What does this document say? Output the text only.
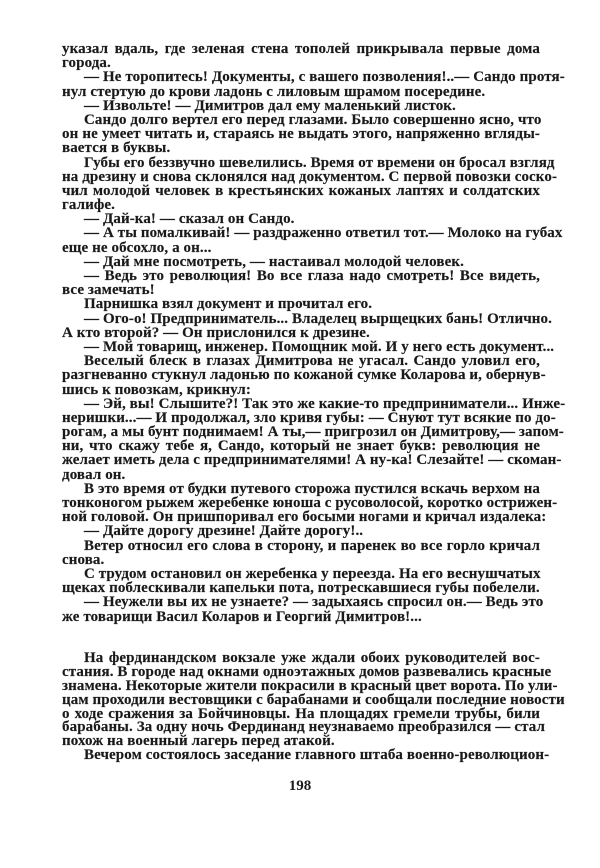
указал вдаль, где зеленая стена тополей прикрывала первые дома
города.
— Не торопитесь! Документы, с вашего позволения!..— Сандо протя-
нул стертую до крови ладонь с лиловым шрамом посередине.
— Извольте! — Димитров дал ему маленький листок.
Сандо долго вертел его перед глазами. Было совершенно ясно, что
он не умеет читать и, стараясь не выдать этого, напряженно вгляды-
вается в буквы.
Губы его беззвучно шевелились. Время от времени он бросал взгляд
на дрезину и снова склонялся над документом. С первой повозки соско-
чил молодой человек в крестьянских кожаных лаптях и солдатских
галифе.
— Дай-ка! — сказал он Сандо.
— А ты помалкивай! — раздраженно ответил тот.— Молоко на губах
еще не обсохло, а он...
— Дай мне посмотреть, — настаивал молодой человек.
— Ведь это революция! Во все глаза надо смотреть! Все видеть,
все замечать!
Парнишка взял документ и прочитал его.
— Ого-о! Предприниматель... Владелец вырщецких бань! Отлично.
А кто второй? — Он прислонился к дрезине.
— Мой товарищ, инженер. Помощник мой. И у него есть документ...
Веселый блеск в глазах Димитрова не угасал. Сандо уловил его,
разгневанно стукнул ладонью по кожаной сумке Коларова и, обернув-
шись к повозкам, крикнул:
— Эй, вы! Слышите?! Так это же какие-то предприниматели... Инже-
неришки...— И продолжал, зло кривя губы: — Снуют тут всякие по до-
рогам, а мы бунт поднимаем! А ты,— пригрозил он Димитрову,— запом-
ни, что скажу тебе я, Сандо, который не знает букв: революция не
желает иметь дела с предпринимателями! А ну-ка! Слезайте! — скоман-
довал он.
В это время от будки путевого сторожа пустился вскачь верхом на
тонконогом рыжем жеребенке юноша с русоволосой, коротко острижен-
ной головой. Он пришпоривал его босыми ногами и кричал издалека:
— Дайте дорогу дрезине! Дайте дорогу!..
Ветер относил его слова в сторону, и паренек во все горло кричал
снова.
С трудом остановил он жеребенка у переезда. На его веснушчатых
щеках поблескивали капельки пота, потрескавшиеся губы побелели.
— Неужели вы их не узнаете? — задыхаясь спросил он.— Ведь это
же товарищи Васил Коларов и Георгий Димитров!...
На фердинандском вокзале уже ждали обоих руководителей вос-
стания. В городе над окнами одноэтажных домов развевались красные
знамена. Некоторые жители покрасили в красный цвет ворота. По ули-
цам проходили вестовщики с барабанами и сообщали последние новости
о ходе сражения за Бойчиновцы. На площадях гремели трубы, били
барабаны. За одну ночь Фердинанд неузнаваемо преобразился — стал
похож на военный лагерь перед атакой.
Вечером состоялось заседание главного штаба военно-революцион-
198
